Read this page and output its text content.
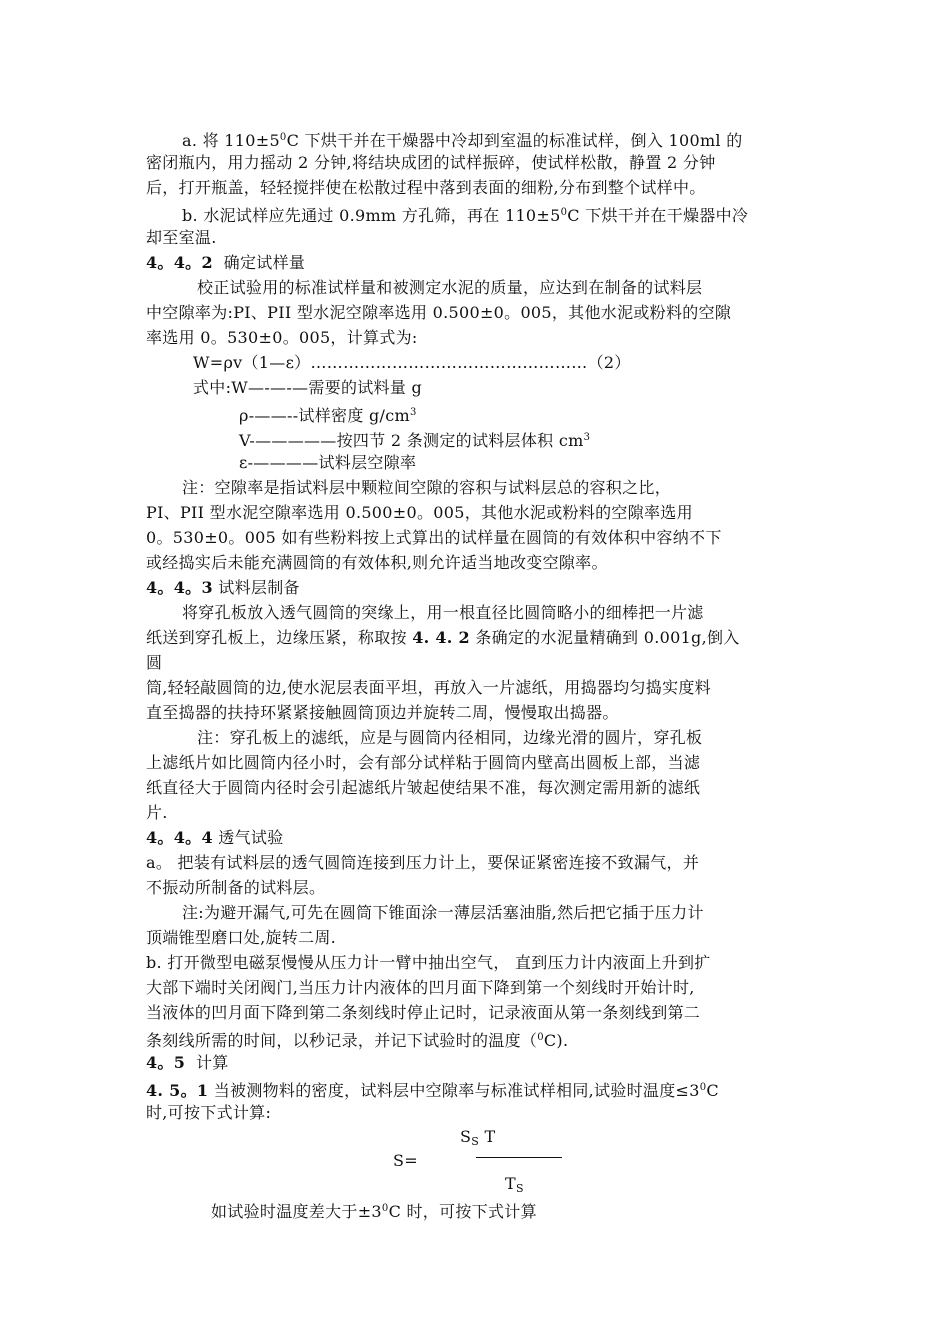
a. 将 $110\pm 5^0C$ 下烘干并在干燥器中冷却到室温的标准试样，倒入 100ml 的
密闭瓶内，用力摇动 2 分钟,将结块成团的试样振碎，使试样松散，静置 2 分钟
后，打开瓶盖，轻轻搅拌使在松散过程中落到表面的细粉,分布到整个试样中。
b. 水泥试样应先通过 0.9mm 方孔筛，再在 $110\pm 5^0C$ 下烘干并在干燥器中冷
却至室温.
4。4。2  确定试样量
校正试验用的标准试样量和被测定水泥的质量，应达到在制备的试料层
中空隙率为:PI、PII 型水泥空隙率选用 0.500±0。005，其他水泥或粉料的空隙
率选用 0。530±0。005，计算式为:
W=ρv（1—ε）……………………………………………（2）
式中:W—-—-—需要的试料量 g
ρ-——--试样密度 $g/cm^3$
V-—————按四节 2 条测定的试料层体积 $cm^3$
ε-————试料层空隙率
注：空隙率是指试料层中颗粒间空隙的容积与试料层总的容积之比，
PI、PII 型水泥空隙率选用 0.500±0。005，其他水泥或粉料的空隙率选用
0。530±0。005 如有些粉料按上式算出的试样量在圆筒的有效体积中容纳不下
或经捣实后未能充满圆筒的有效体积,则允许适当地改变空隙率。
4。4。3 试料层制备
将穿孔板放入透气圆筒的突缘上，用一根直径比圆筒略小的细棒把一片滤
纸送到穿孔板上，边缘压紧，称取按 4. 4. 2 条确定的水泥量精确到 0.001g,倒入
圆
筒,轻轻敲圆筒的边,使水泥层表面平坦，再放入一片滤纸，用捣器均匀捣实度料
直至捣器的扶持环紧紧接触圆筒顶边并旋转二周，慢慢取出捣器。
注：穿孔板上的滤纸，应是与圆筒内径相同，边缘光滑的圆片，穿孔板
上滤纸片如比圆筒内径小时，会有部分试样粘于圆筒内壁高出圆板上部，当滤
纸直径大于圆筒内径时会引起滤纸片皱起使结果不准，每次测定需用新的滤纸
片.
4。4。4 透气试验
a。 把装有试料层的透气圆筒连接到压力计上，要保证紧密连接不致漏气，并
不振动所制备的试料层。
注:为避开漏气,可先在圆筒下锥面涂一薄层活塞油脂,然后把它插于压力计
顶端锥型磨口处,旋转二周.
b. 打开微型电磁泵慢慢从压力计一臂中抽出空气， 直到压力计内液面上升到扩
大部下端时关闭阀门,当压力计内液体的凹月面下降到第一个刻线时开始计时,
当液体的凹月面下降到第二条刻线时停止记时，记录液面从第一条刻线到第二
条刻线所需的时间，以秒记录，并记下试验时的温度（$^0$C).
4。5  计算
4. 5。1 当被测物料的密度，试料层中空隙率与标准试样相同,试验时温度$\le 3^0C$
时,可按下式计算:
$S_S$ T
S=
$T_S$
如试验时温度差大于$\pm 3^0C$ 时，可按下式计算
